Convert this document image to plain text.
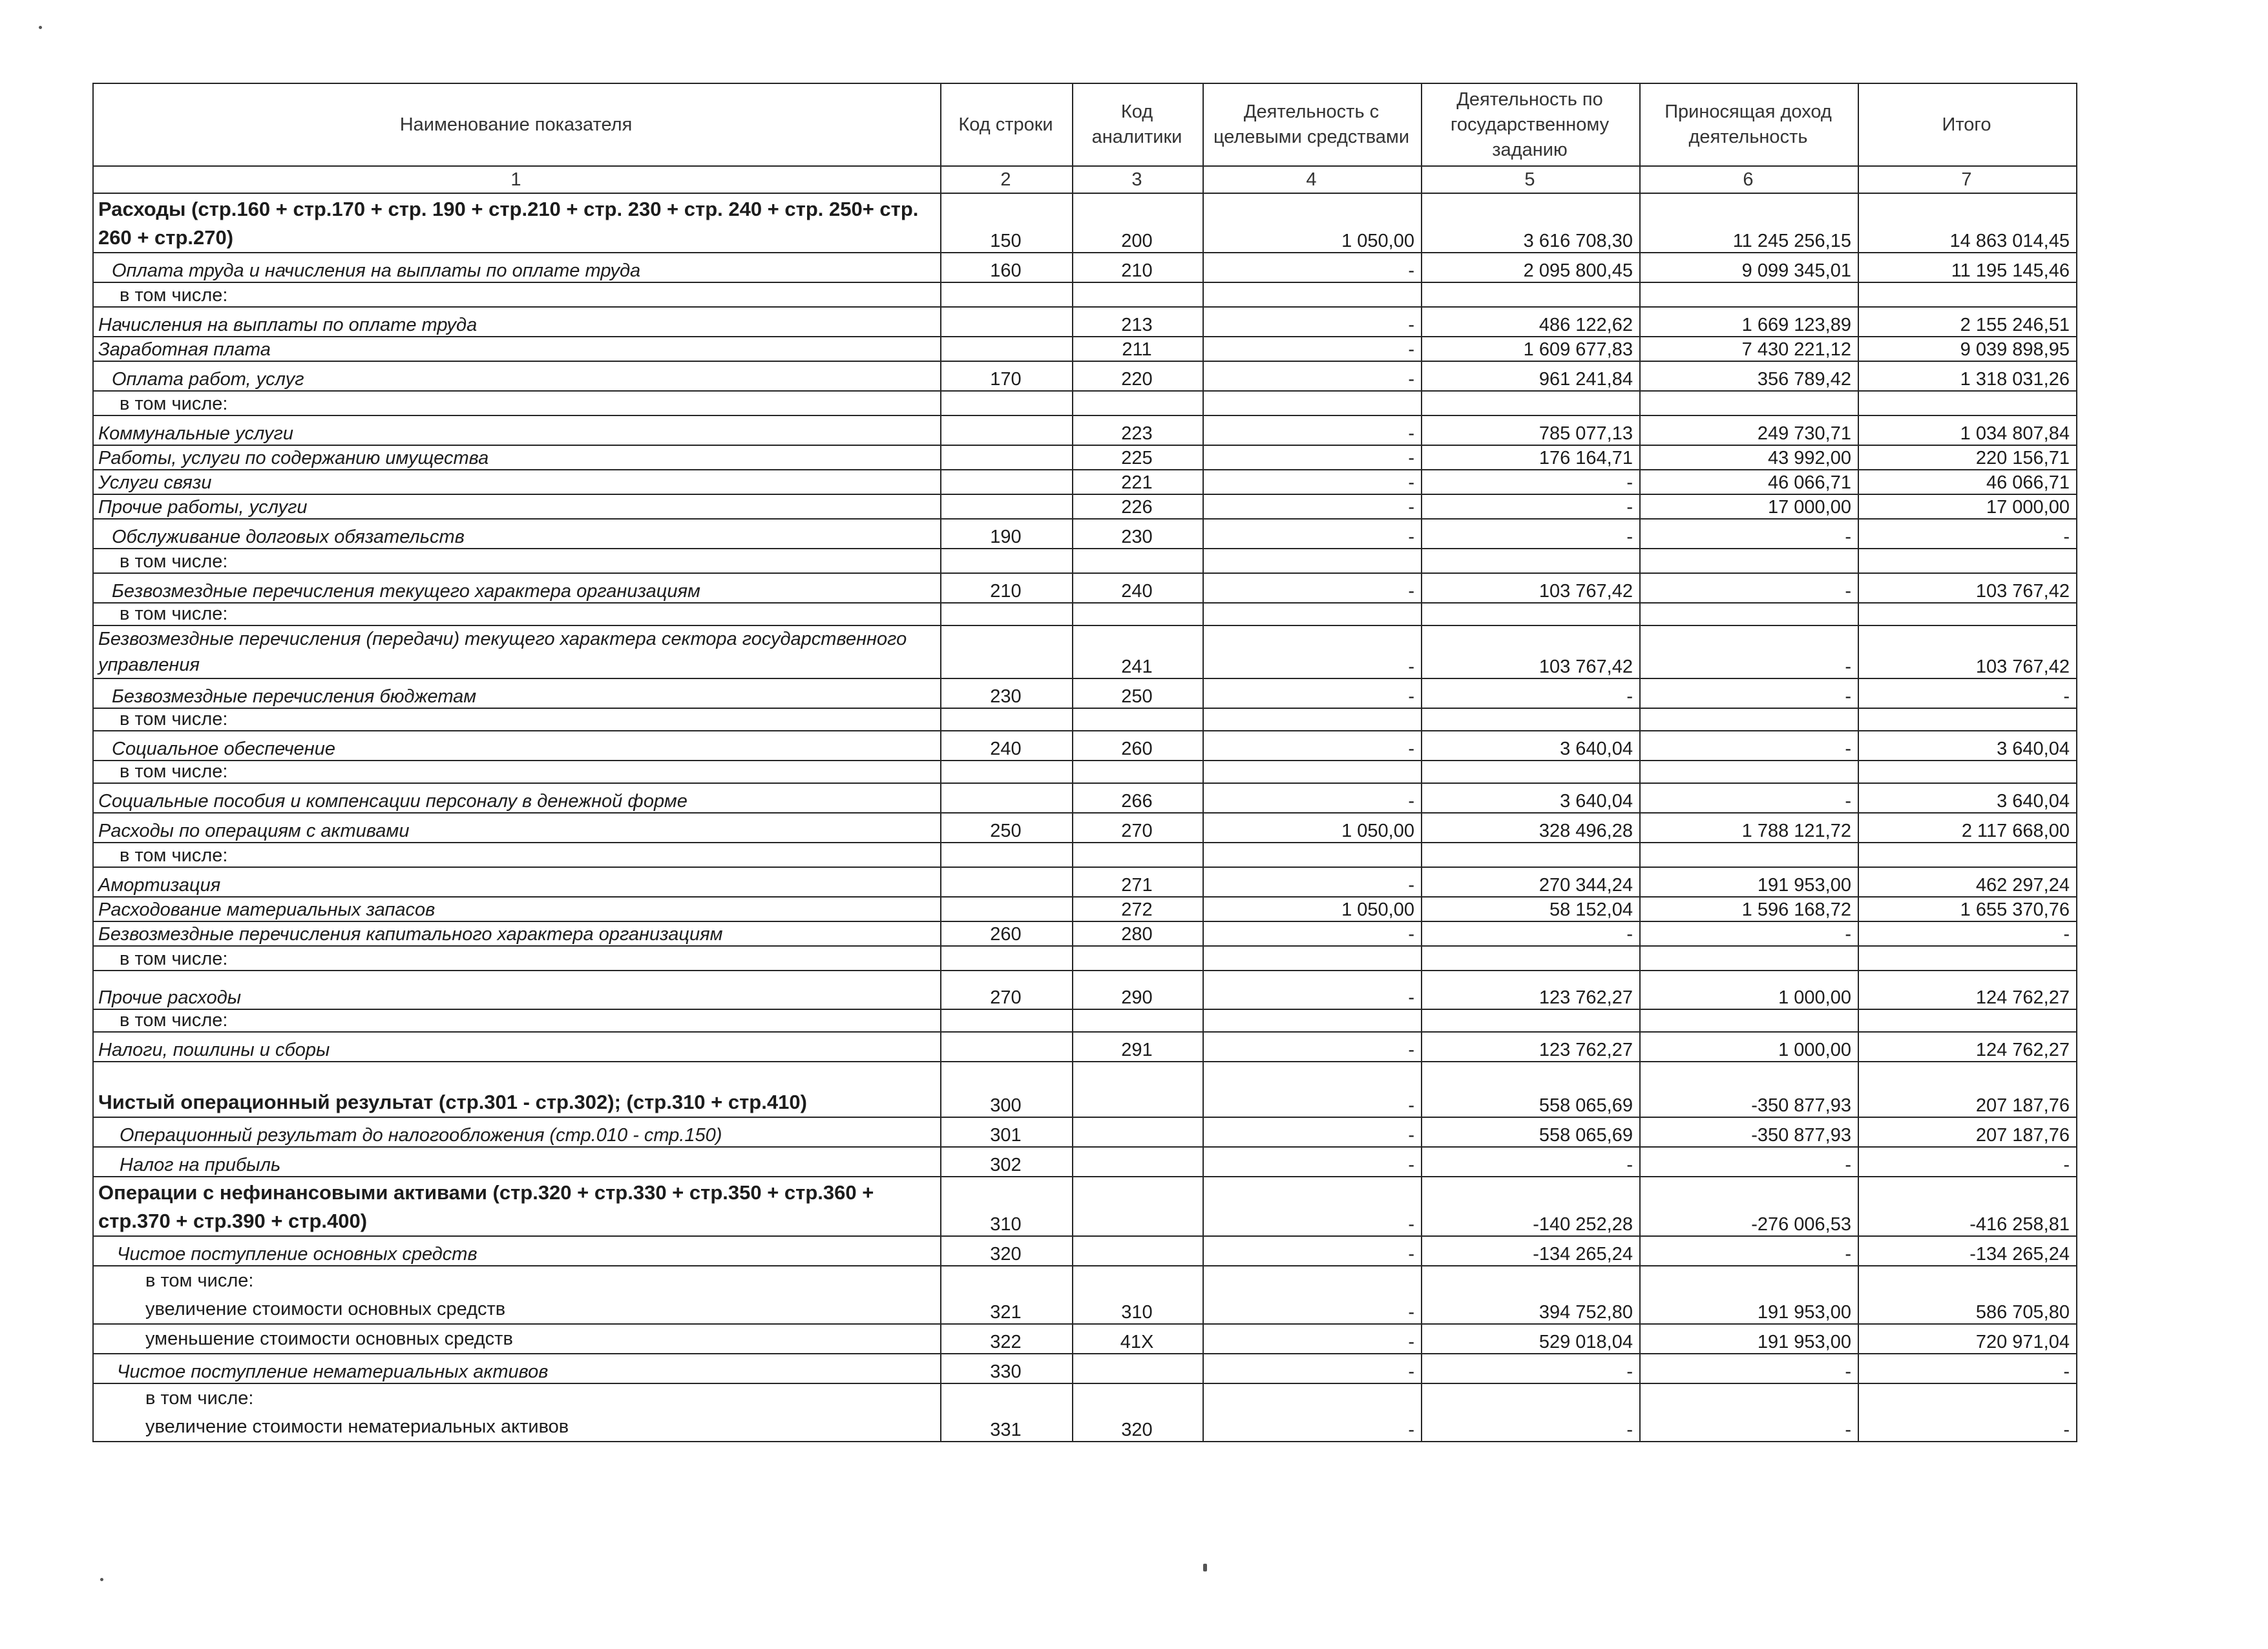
Наименование показателя	Код строки	Код аналитики	Деятельность с целевыми средствами	Деятельность по государственному заданию	Приносящая доход деятельность	Итого
1	2	3	4	5	6	7
Расходы (стр.160 + стр.170 + стр. 190 + стр.210 + стр. 230 + стр. 240 + стр. 250+ стр. 260 + стр.270)	150	200	1 050,00	3 616 708,30	11 245 256,15	14 863 014,45
Оплата труда и начисления на выплаты по оплате труда	160	210	-	2 095 800,45	9 099 345,01	11 195 145,46
в том числе:						
Начисления на выплаты по оплате труда		213	-	486 122,62	1 669 123,89	2 155 246,51
Заработная плата		211	-	1 609 677,83	7 430 221,12	9 039 898,95
Оплата работ, услуг	170	220	-	961 241,84	356 789,42	1 318 031,26
в том числе:						
Коммунальные услуги		223	-	785 077,13	249 730,71	1 034 807,84
Работы, услуги по содержанию имущества		225	-	176 164,71	43 992,00	220 156,71
Услуги связи		221	-	-	46 066,71	46 066,71
Прочие работы, услуги		226	-	-	17 000,00	17 000,00
Обслуживание долговых обязательств	190	230	-	-	-	-
в том числе:						
Безвозмездные перечисления текущего характера организациям	210	240	-	103 767,42	-	103 767,42
в том числе:						
Безвозмездные перечисления (передачи) текущего характера сектора государственного управления		241	-	103 767,42	-	103 767,42
Безвозмездные перечисления бюджетам	230	250	-	-	-	-
в том числе:						
Социальное обеспечение	240	260	-	3 640,04	-	3 640,04
в том числе:						
Социальные пособия и компенсации персоналу в денежной форме		266	-	3 640,04	-	3 640,04
Расходы по операциям с активами	250	270	1 050,00	328 496,28	1 788 121,72	2 117 668,00
в том числе:						
Амортизация		271	-	270 344,24	191 953,00	462 297,24
Расходование материальных запасов		272	1 050,00	58 152,04	1 596 168,72	1 655 370,76
Безвозмездные перечисления капитального характера организациям	260	280	-	-	-	-
в том числе:						
Прочие расходы	270	290	-	123 762,27	1 000,00	124 762,27
в том числе:						
Налоги, пошлины и сборы		291	-	123 762,27	1 000,00	124 762,27
Чистый операционный результат (стр.301 - стр.302); (стр.310 + стр.410)	300		-	558 065,69	-350 877,93	207 187,76
Операционный результат до налогообложения (стр.010 - стр.150)	301		-	558 065,69	-350 877,93	207 187,76
Налог на прибыль	302		-	-	-	-
Операции с нефинансовыми активами (стр.320 + стр.330 + стр.350 + стр.360 + стр.370 + стр.390 + стр.400)	310		-	-140 252,28	-276 006,53	-416 258,81
Чистое поступление основных средств	320		-	-134 265,24	-	-134 265,24

в том числе:
увеличение стоимости основных средств	321	310	-	394 752,80	191 953,00	586 705,80
уменьшение стоимости основных средств	322	41X	-	529 018,04	191 953,00	720 971,04
Чистое поступление нематериальных активов	330		-	-	-	-

в том числе:
увеличение стоимости нематериальных активов	331	320	-	-	-	-
